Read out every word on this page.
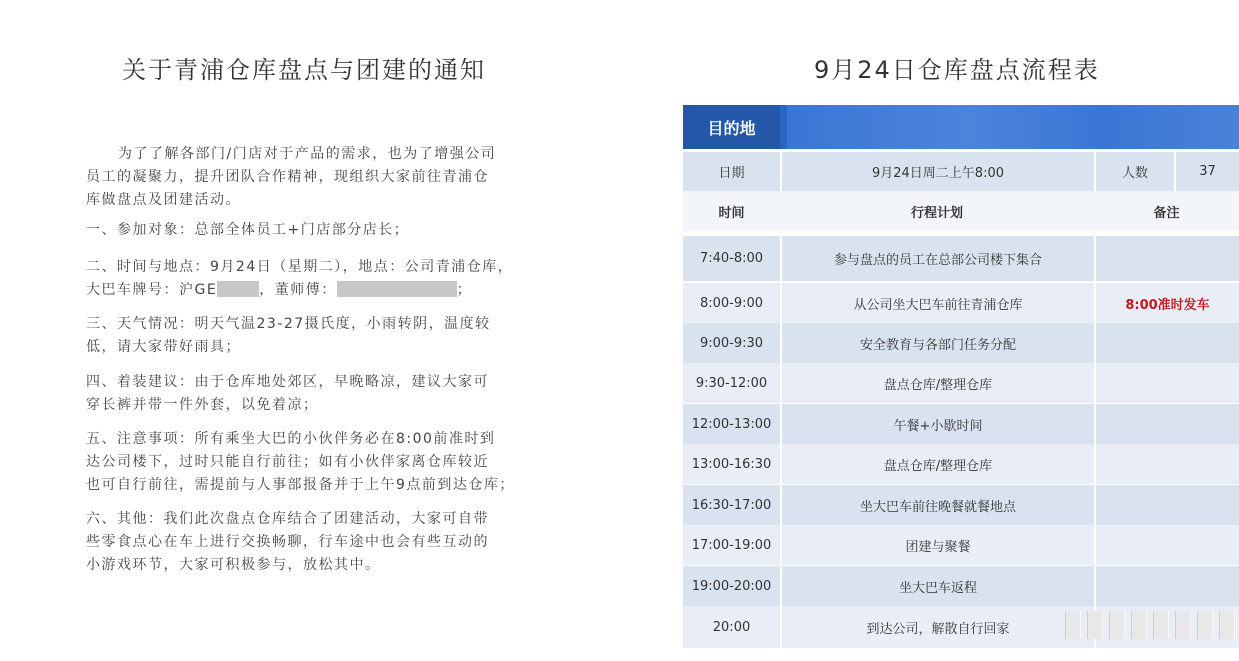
关于青浦仓库盘点与团建的通知
为了了解各部门/门店对于产品的需求，也为了增强公司
员工的凝聚力，提升团队合作精神，现组织大家前往青浦仓
库做盘点及团建活动。
一、参加对象：总部全体员工+门店部分店长；
二、时间与地点：9月24日（星期二），地点：公司青浦仓库，
大巴车牌号：沪GE	，董师傅：	；
三、天气情况：明天气温23-27摄氏度，小雨转阴，温度较
低，请大家带好雨具；
四、着装建议：由于仓库地处郊区，早晚略凉，建议大家可
穿长裤并带一件外套，以免着凉；
五、注意事项：所有乘坐大巴的小伙伴务必在8:00前准时到
达公司楼下，过时只能自行前往；如有小伙伴家离仓库较近
也可自行前往，需提前与人事部报备并于上午9点前到达仓库；
六、其他：我们此次盘点仓库结合了团建活动，大家可自带
些零食点心在车上进行交换畅聊，行车途中也会有些互动的
小游戏环节，大家可积极参与，放松其中。
9月24日仓库盘点流程表
目的地
日期	9月24日周二上午8:00	人数	37
时间	行程计划	备注
7:40-8:00	参与盘点的员工在总部公司楼下集合
8:00-9:00	从公司坐大巴车前往青浦仓库	8:00准时发车
9:00-9:30	安全教育与各部门任务分配
9:30-12:00	盘点仓库/整理仓库
12:00-13:00	午餐+小歇时间
13:00-16:30	盘点仓库/整理仓库
16:30-17:00	坐大巴车前往晚餐就餐地点
17:00-19:00	团建与聚餐
19:00-20:00	坐大巴车返程
20:00	到达公司，解散自行回家
